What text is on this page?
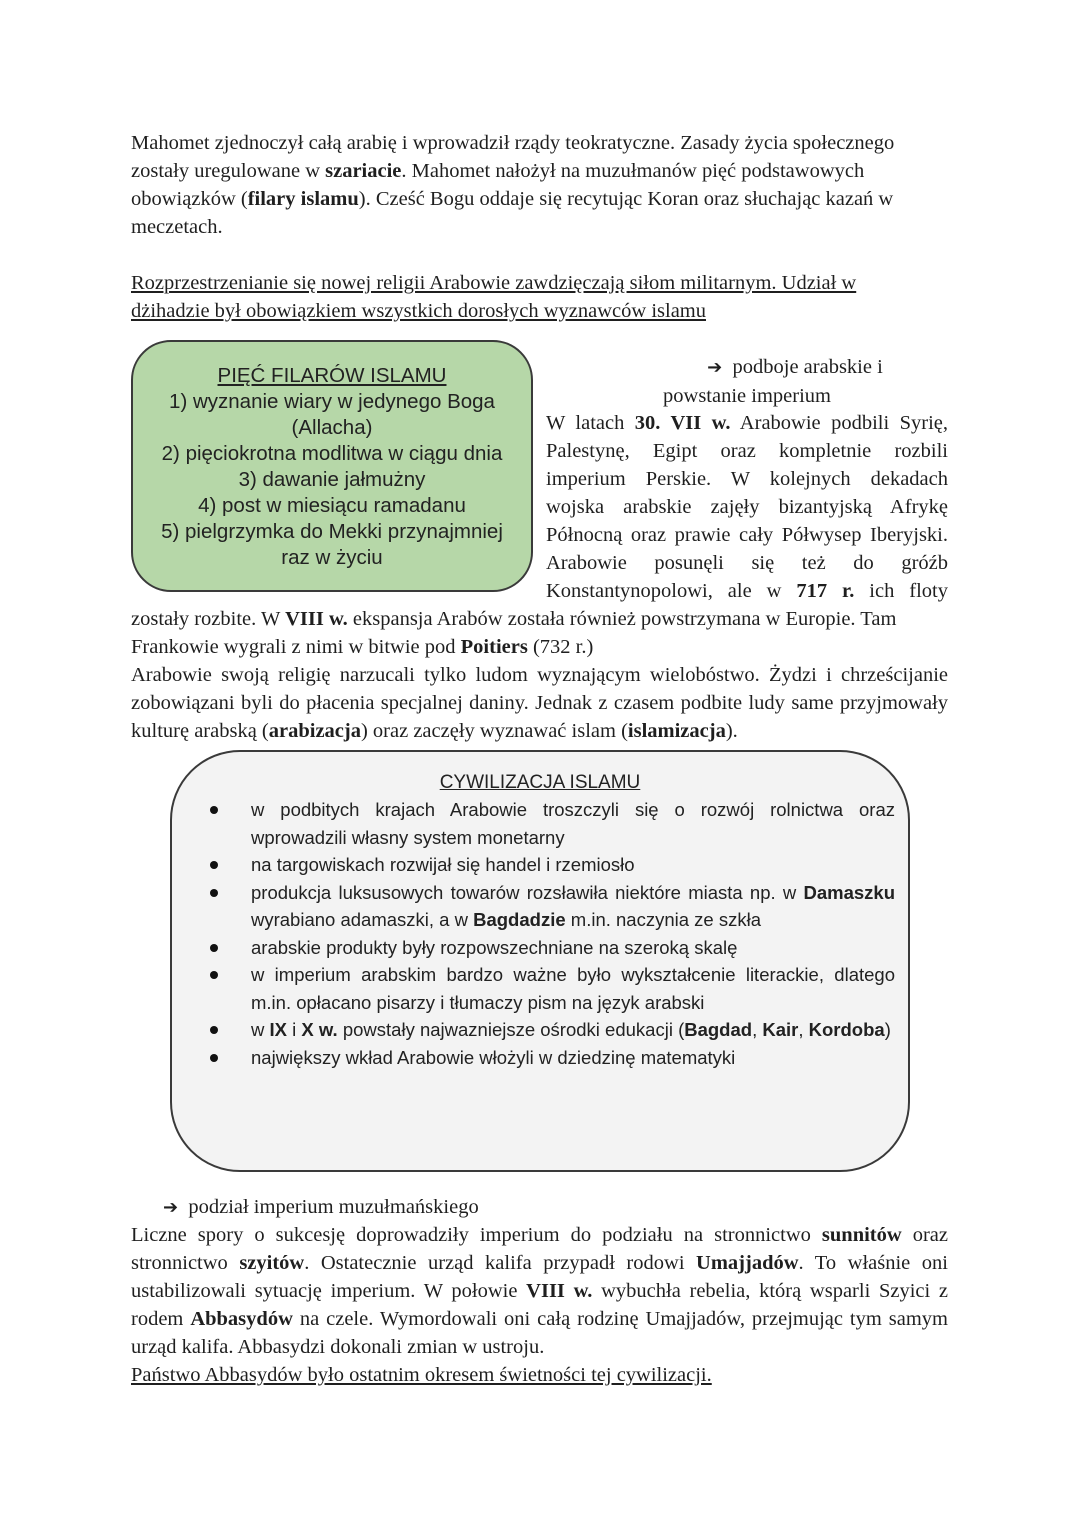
Mahomet zjednoczył całą arabię i wprowadził rządy teokratyczne. Zasady życia społecznego zostały uregulowane w szariacie. Mahomet nałożył na muzułmanów pięć podstawowych obowiązków (filary islamu). Cześć Bogu oddaje się recytując Koran oraz słuchając kazań w meczetach.
Rozprzestrzenianie się nowej religii Arabowie zawdzięczają siłom militarnym. Udział w
dżihadzie był obowiązkiem wszystkich dorosłych wyznawców islamu
PIĘĆ FILARÓW ISLAMU
1) wyznanie wiary w jedynego Boga
(Allacha)
2) pięciokrotna modlitwa w ciągu dnia
3) dawanie jałmużny
4) post w miesiącu ramadanu
5) pielgrzymka do Mekki przynajmniej
raz w życiu
➔ podboje arabskie i
powstanie imperium
W latach 30. VII w. Arabowie podbili Syrię, Palestynę, Egipt oraz kompletnie rozbili imperium Perskie. W kolejnych dekadach wojska arabskie zajęły bizantyjską Afrykę Północną oraz prawie cały Półwysep Iberyjski. Arabowie posunęli się też do gróźb Konstantynopolowi, ale w 717 r. ich floty
zostały rozbite. W VIII w. ekspansja Arabów została również powstrzymana w Europie. Tam Frankowie wygrali z nimi w bitwie pod Poitiers (732 r.)
Arabowie swoją religię narzucali tylko ludom wyznającym wielobóstwo. Żydzi i chrześcijanie zobowiązani byli do płacenia specjalnej daniny. Jednak z czasem podbite ludy same przyjmowały kulturę arabską (arabizacja) oraz zaczęły wyznawać islam (islamizacja).
CYWILIZACJA ISLAMU
w podbitych krajach Arabowie troszczyli się o rozwój rolnictwa oraz wprowadzili własny system monetarny
na targowiskach rozwijał się handel i rzemiosło
produkcja luksusowych towarów rozsławiła niektóre miasta np. w Damaszku wyrabiano adamaszki, a w Bagdadzie m.in. naczynia ze szkła
arabskie produkty były rozpowszechniane na szeroką skalę
w imperium arabskim bardzo ważne było wykształcenie literackie, dlatego m.in. opłacano pisarzy i tłumaczy pism na język arabski
w IX i X w. powstały najwazniejsze ośrodki edukacji (Bagdad, Kair, Kordoba)
największy wkład Arabowie włożyli w dziedzinę matematyki
➔ podział imperium muzułmańskiego
Liczne spory o sukcesję doprowadziły imperium do podziału na stronnictwo sunnitów oraz stronnictwo szyitów. Ostatecznie urząd kalifa przypadł rodowi Umajjadów. To właśnie oni ustabilizowali sytuację imperium. W połowie VIII w. wybuchła rebelia, którą wsparli Szyici z rodem Abbasydów na czele. Wymordowali oni całą rodzinę Umajjadów, przejmując tym samym urząd kalifa. Abbasydzi dokonali zmian w ustroju.
Państwo Abbasydów było ostatnim okresem świetności tej cywilizacji.
